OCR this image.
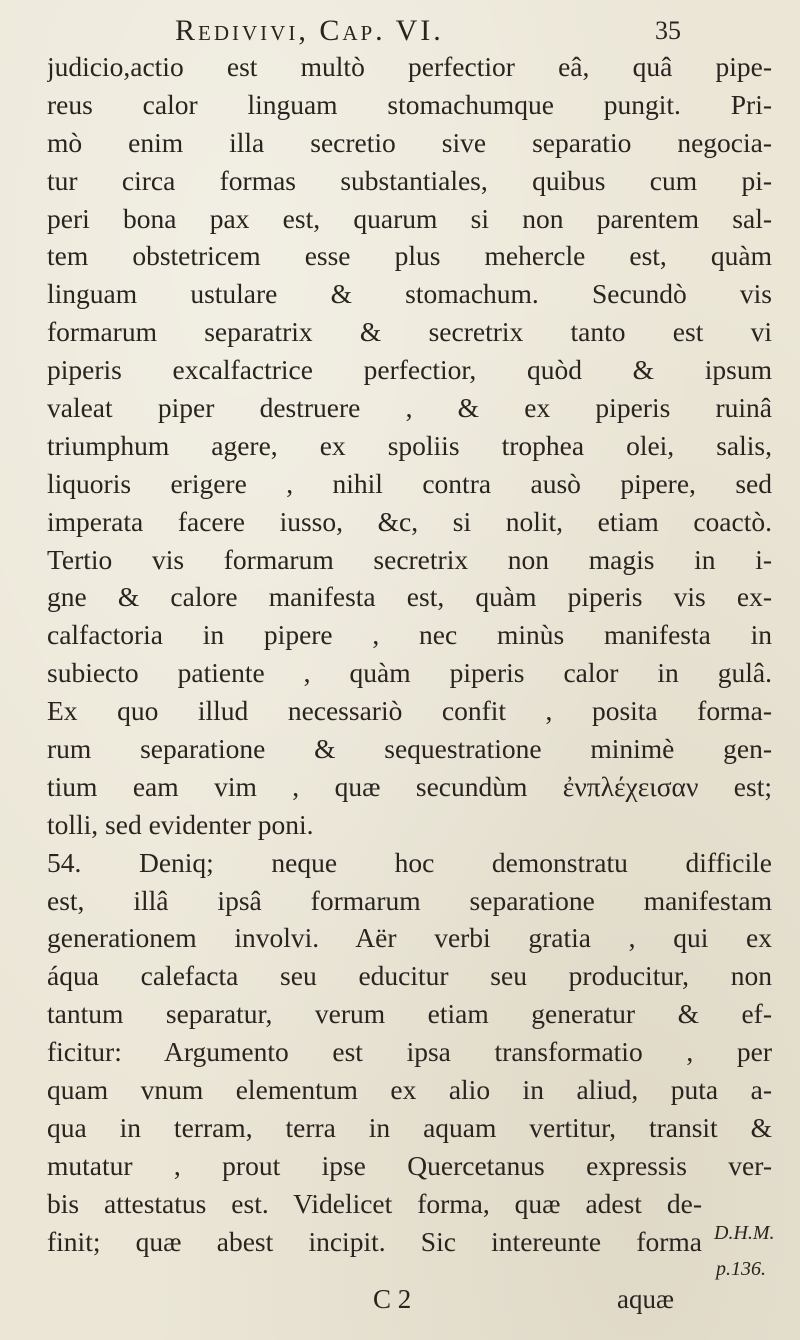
Redivivi, Cap. VI.	35
judicio,actio est multò perfectior eâ, quâ pipe-
reus calor linguam stomachumque pungit. Pri-
mò enim illa secretio sive separatio negocia-
tur circa formas substantiales, quibus cum pi-
peri bona pax est, quarum si non parentem sal-
tem obstetricem esse plus mehercle est, quàm
linguam ustulare & stomachum. Secundò vis
formarum separatrix & secretrix tanto est vi
piperis excalfactrice perfectior, quòd & ipsum
valeat piper destruere , & ex piperis ruinâ
triumphum agere, ex spoliis trophea olei, salis,
liquoris erigere , nihil contra ausò pipere, sed
imperata facere iusso, &c, si nolit, etiam coactò.
Tertio vis formarum secretrix non magis in i-
gne & calore manifesta est, quàm piperis vis ex-
calfactoria in pipere , nec minùs manifesta in
subiecto patiente , quàm piperis calor in gulâ.
Ex quo illud necessariò confit , posita forma-
rum separatione & sequestratione minimè gen-
tium eam vim , quæ secundùm ἐνπλέχεισαν est;
tolli, sed evidenter poni.
54. Deniq; neque hoc demonstratu difficile
est, illâ ipsâ formarum separatione manifestam
generationem involvi. Aër verbi gratia , qui ex
áqua calefacta seu educitur seu producitur, non
tantum separatur, verum etiam generatur & ef-
ficitur: Argumento est ipsa transformatio , per
quam vnum elementum ex alio in aliud, puta a-
qua in terram, terra in aquam vertitur, transit &
mutatur , prout ipse Quercetanus expressis ver-
bis attestatus est. Videlicet forma, quæ adest de-
finit; quæ abest incipit. Sic intereunte forma D.H.M.
p.136.
C 2	aquæ
